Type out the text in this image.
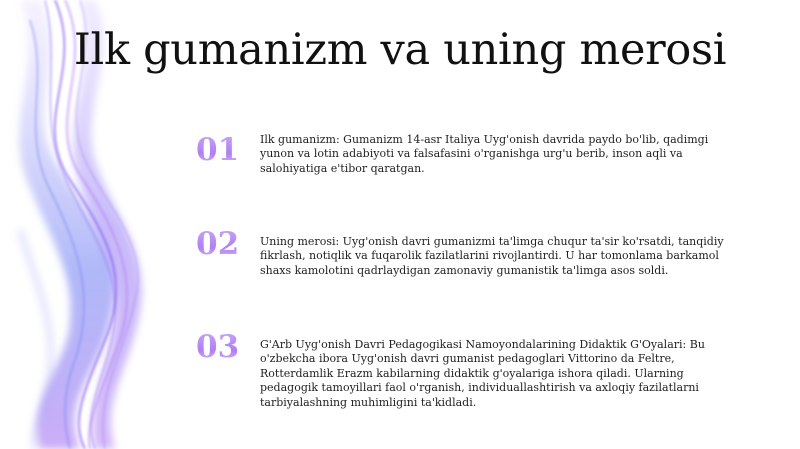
Ilk gumanizm va uning merosi
01	Ilk gumanizm: Gumanizm 14-asr Italiya Uyg'onish davrida paydo bo'lib, qadimgi yunon va lotin adabiyoti va falsafasini o'rganishga urg'u berib, inson aqli va salohiyatiga e'tibor qaratgan.

02	Uning merosi: Uyg'onish davri gumanizmi ta'limga chuqur ta'sir ko'rsatdi, tanqidiy fikrlash, notiqlik va fuqarolik fazilatlarini rivojlantirdi. U har tomonlama barkamol shaxs kamolotini qadrlaydigan zamonaviy gumanistik ta'limga asos soldi.

03	G'Arb Uyg'onish Davri Pedagogikasi Namoyondalarining Didaktik G'Oyalari: Bu o'zbekcha ibora Uyg'onish davri gumanist pedagoglari Vittorino da Feltre, Rotterdamlik Erazm kabilarning didaktik g'oyalariga ishora qiladi. Ularning pedagogik tamoyillari faol o'rganish, individuallashtirish va axloqiy fazilatlarni tarbiyalashning muhimligini ta'kidladi.
